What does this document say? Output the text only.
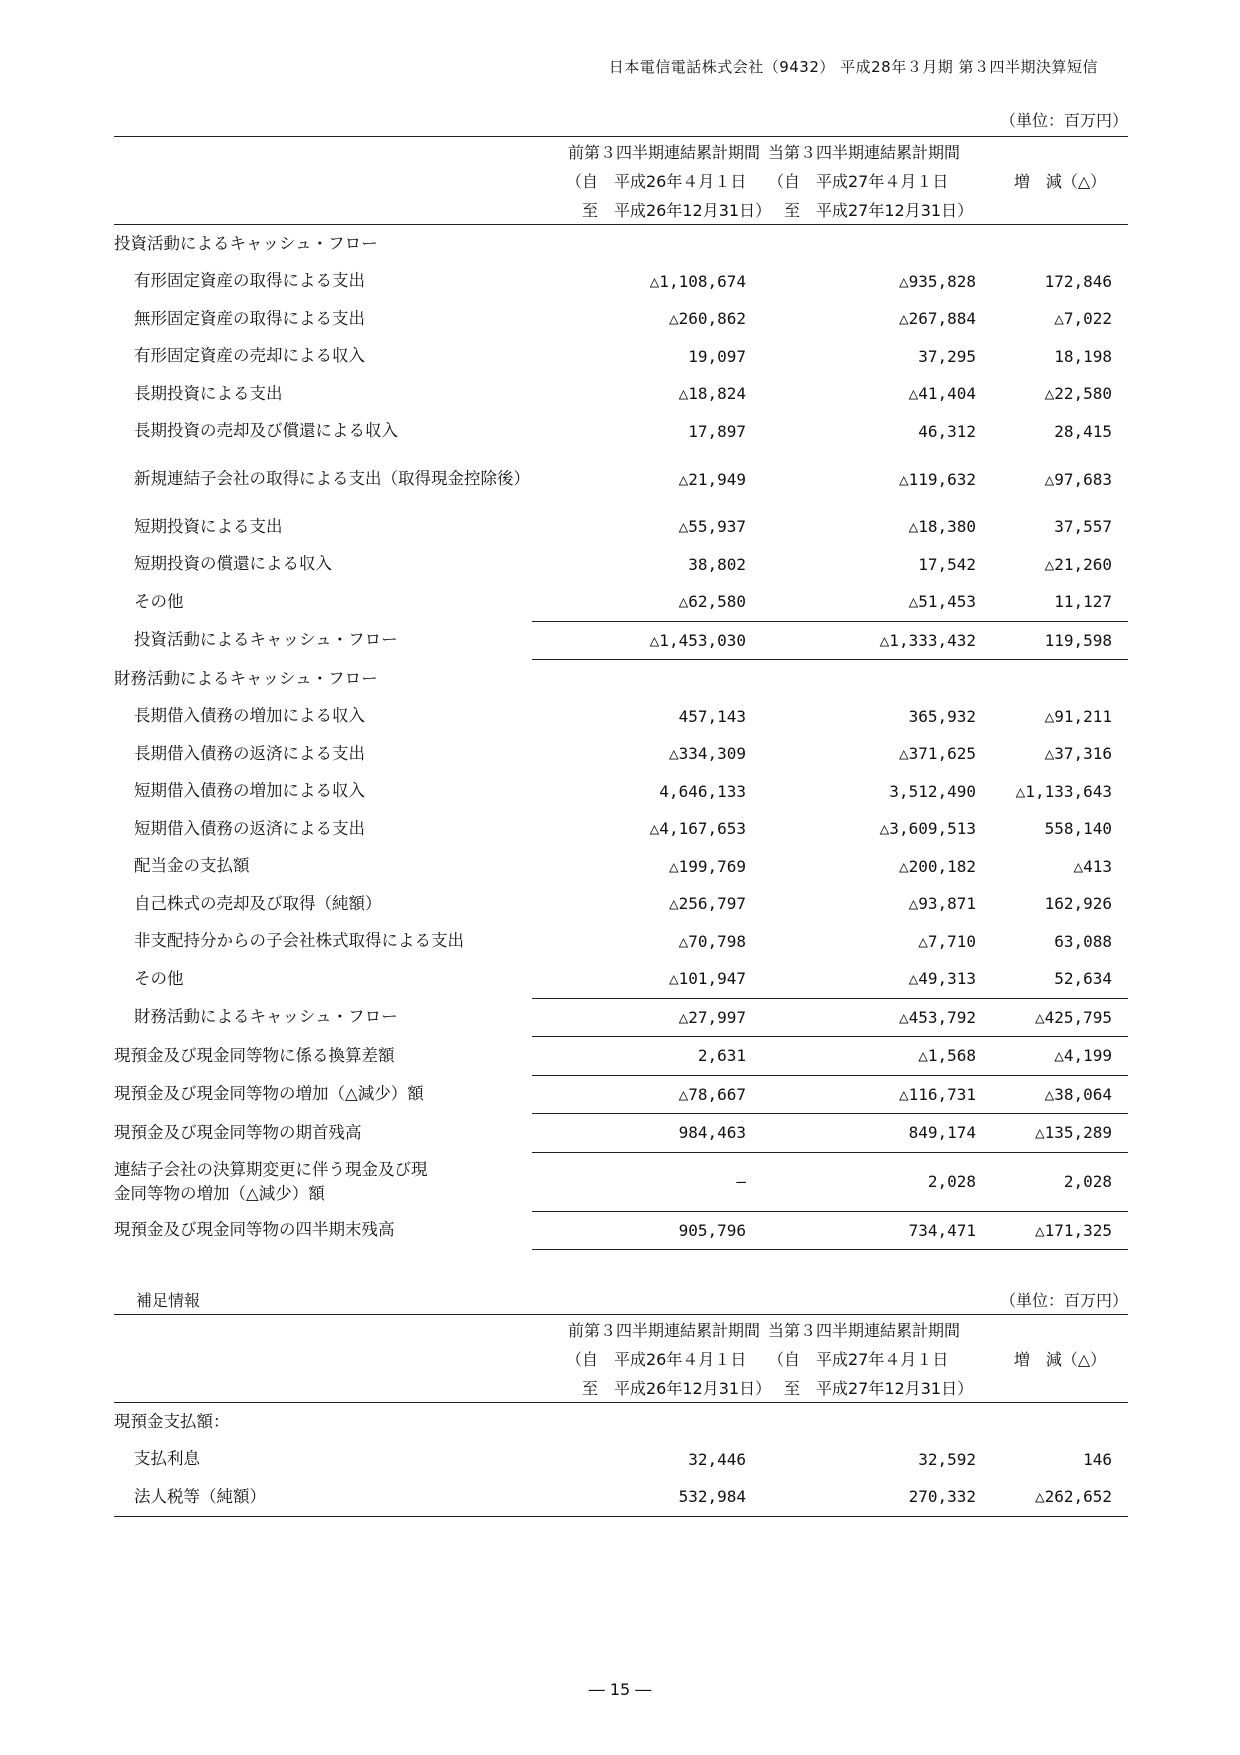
日本電信電話株式会社（9432） 平成28年３月期 第３四半期決算短信
（単位：百万円）
	前第３四半期連結累計期間	当第３四半期連結累計期間	
	（自　平成26年４月１日	（自　平成27年４月１日	増　減（△）
	至　平成26年12月31日）	至　平成27年12月31日）	
投資活動によるキャッシュ・フロー			
有形固定資産の取得による支出	△1,108,674	△935,828	172,846
無形固定資産の取得による支出	△260,862	△267,884	△7,022
有形固定資産の売却による収入	19,097	37,295	18,198
長期投資による支出	△18,824	△41,404	△22,580
長期投資の売却及び償還による収入	17,897	46,312	28,415
新規連結子会社の取得による支出（取得現金控除後）	△21,949	△119,632	△97,683
短期投資による支出	△55,937	△18,380	37,557
短期投資の償還による収入	38,802	17,542	△21,260
その他	△62,580	△51,453	11,127
投資活動によるキャッシュ・フロー	△1,453,030	△1,333,432	119,598
財務活動によるキャッシュ・フロー			
長期借入債務の増加による収入	457,143	365,932	△91,211
長期借入債務の返済による支出	△334,309	△371,625	△37,316
短期借入債務の増加による収入	4,646,133	3,512,490	△1,133,643
短期借入債務の返済による支出	△4,167,653	△3,609,513	558,140
配当金の支払額	△199,769	△200,182	△413
自己株式の売却及び取得（純額）	△256,797	△93,871	162,926
非支配持分からの子会社株式取得による支出	△70,798	△7,710	63,088
その他	△101,947	△49,313	52,634
財務活動によるキャッシュ・フロー	△27,997	△453,792	△425,795
現預金及び現金同等物に係る換算差額	2,631	△1,568	△4,199
現預金及び現金同等物の増加（△減少）額	△78,667	△116,731	△38,064
現預金及び現金同等物の期首残高	984,463	849,174	△135,289
連結子会社の決算期変更に伴う現金及び現金同等物の増加（△減少）額	—	2,028	2,028
現預金及び現金同等物の四半期末残高	905,796	734,471	△171,325
補足情報	（単位：百万円）
	前第３四半期連結累計期間	当第３四半期連結累計期間	
	（自　平成26年４月１日	（自　平成27年４月１日	増　減（△）
	至　平成26年12月31日）	至　平成27年12月31日）	
現預金支払額：			
支払利息	32,446	32,592	146
法人税等（純額）	532,984	270,332	△262,652
― 15 ―
